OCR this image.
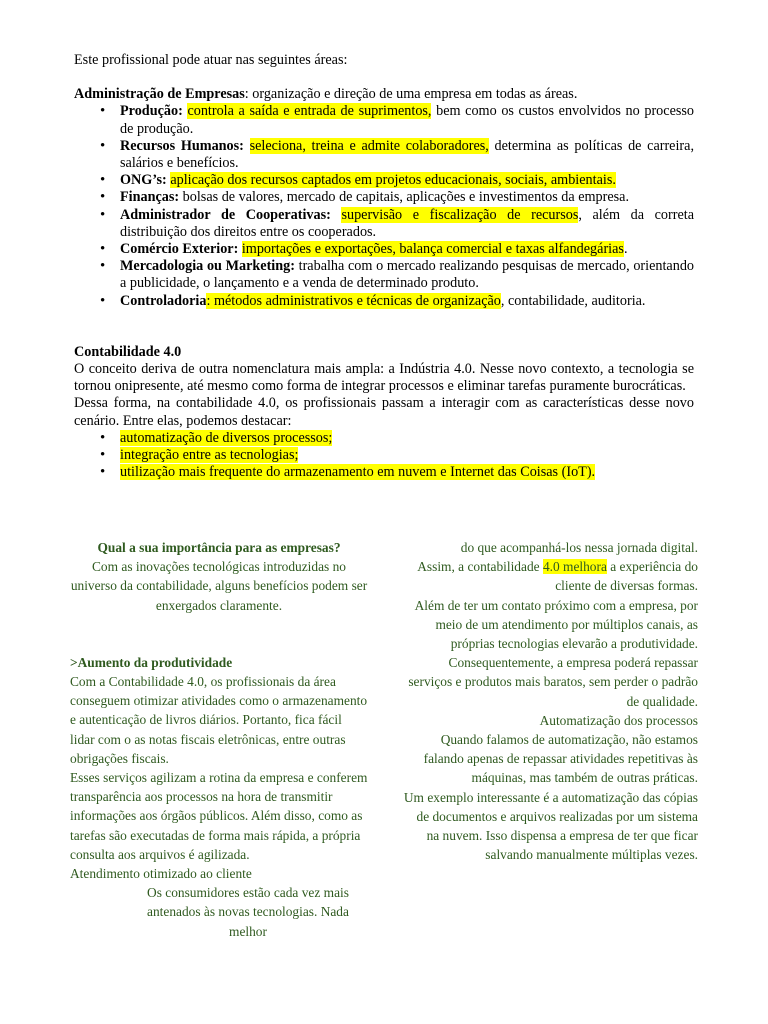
Este profissional pode atuar nas seguintes áreas:

Administração de Empresas: organização e direção de uma empresa em todas as áreas.

• Produção: controla a saída e entrada de suprimentos, bem como os custos envolvidos no processo de produção.
• Recursos Humanos: seleciona, treina e admite colaboradores, determina as políticas de carreira, salários e benefícios.
• ONG’s: aplicação dos recursos captados em projetos educacionais, sociais, ambientais.
• Finanças: bolsas de valores, mercado de capitais, aplicações e investimentos da empresa.
• Administrador de Cooperativas: supervisão e fiscalização de recursos, além da correta distribuição dos direitos entre os cooperados.
• Comércio Exterior: importações e exportações, balança comercial e taxas alfandegárias.
• Mercadologia ou Marketing: trabalha com o mercado realizando pesquisas de mercado, orientando a publicidade, o lançamento e a venda de determinado produto.
• Controladoria: métodos administrativos e técnicas de organização, contabilidade, auditoria.

Contabilidade 4.0

O conceito deriva de outra nomenclatura mais ampla: a Indústria 4.0. Nesse novo contexto, a tecnologia se tornou onipresente, até mesmo como forma de integrar processos e eliminar tarefas puramente burocráticas.

Dessa forma, na contabilidade 4.0, os profissionais passam a interagir com as características desse novo cenário. Entre elas, podemos destacar:

• automatização de diversos processos;
• integração entre as tecnologias;
• utilização mais frequente do armazenamento em nuvem e Internet das Coisas (IoT).

Qual a sua importância para as empresas?

Com as inovações tecnológicas introduzidas no universo da contabilidade, alguns benefícios podem ser enxergados claramente.

>Aumento da produtividade

Com a Contabilidade 4.0, os profissionais da área conseguem otimizar atividades como o armazenamento e autenticação de livros diários. Portanto, fica fácil lidar com o as notas fiscais eletrônicas, entre outras obrigações fiscais.

Esses serviços agilizam a rotina da empresa e conferem transparência aos processos na hora de transmitir informações aos órgãos públicos. Além disso, como as tarefas são executadas de forma mais rápida, a própria consulta aos arquivos é agilizada.

Atendimento otimizado ao cliente

Os consumidores estão cada vez mais antenados às novas tecnologias. Nada melhor

do que acompanhá-los nessa jornada digital.

Assim, a contabilidade 4.0 melhora a experiência do cliente de diversas formas.

Além de ter um contato próximo com a empresa, por meio de um atendimento por múltiplos canais, as próprias tecnologias elevarão a produtividade. Consequentemente, a empresa poderá repassar serviços e produtos mais baratos, sem perder o padrão de qualidade.

Automatização dos processos

Quando falamos de automatização, não estamos falando apenas de repassar atividades repetitivas às máquinas, mas também de outras práticas.

Um exemplo interessante é a automatização das cópias de documentos e arquivos realizadas por um sistema na nuvem. Isso dispensa a empresa de ter que ficar salvando manualmente múltiplas vezes.
